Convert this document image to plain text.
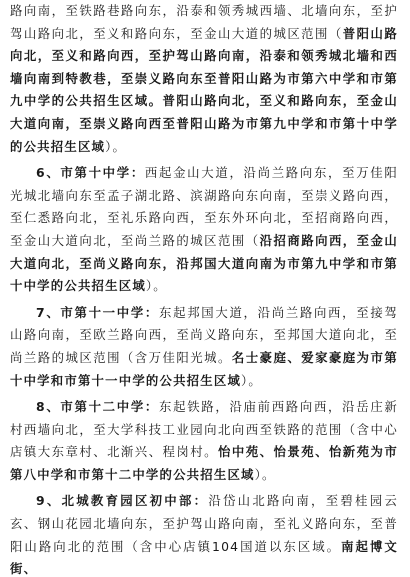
路向南，至铁路巷路向东，沿泰和领秀城西墙、北墙向东，至护驾山路向北，至义和路向东，至金山大道的城区范围（普阳山路向北，至义和路向西，至护驾山路向南，沿泰和领秀城北墙和西墙向南到特教巷，至崇义路向东至普阳山路为市第六中学和市第九中学的公共招生区域。普阳山路向北，至义和路向东，至金山大道向南，至崇义路向西至普阳山路为市第九中学和市第十中学的公共招生区域）。

6、市第十中学：西起金山大道，沿尚兰路向东，至万佳阳光城北墙向东至孟子湖北路、滨湖路向东向南，至崇义路向西，至仁悉路向北，至礼乐路向西，至东外环向北，至招商路向西，至金山大道向北，至尚兰路的城区范围（沿招商路向西，至金山大道向北，至尚义路向东，沿邦国大道向南为市第九中学和市第十中学的公共招生区域）。

7、市第十一中学：东起邦国大道，沿尚兰路向西，至接驾山路向南，至欧兰路向西，至尚义路向东，至邦国大道向北，至尚兰路的城区范围（含万佳阳光城。名士豪庭、爱家豪庭为市第十中学和市第十一中学的公共招生区域）。

8、市第十二中学：东起铁路，沿庙前西路向西，沿岳庄新村西墙向北，至大学科技工业园向北向西至铁路的范围（含中心店镇大东章村、北渐兴、程岗村。怡中苑、怡景苑、怡新苑为市第八中学和市第十二中学的公共招生区域）。

9、北城教育园区初中部：沿岱山北路向南，至碧桂园云玄、钢山花园北墙向东，至护驾山路向南，至礼义路向东，至普阳山路向北的范围（含中心店镇104国道以东区域。南起博文街、
